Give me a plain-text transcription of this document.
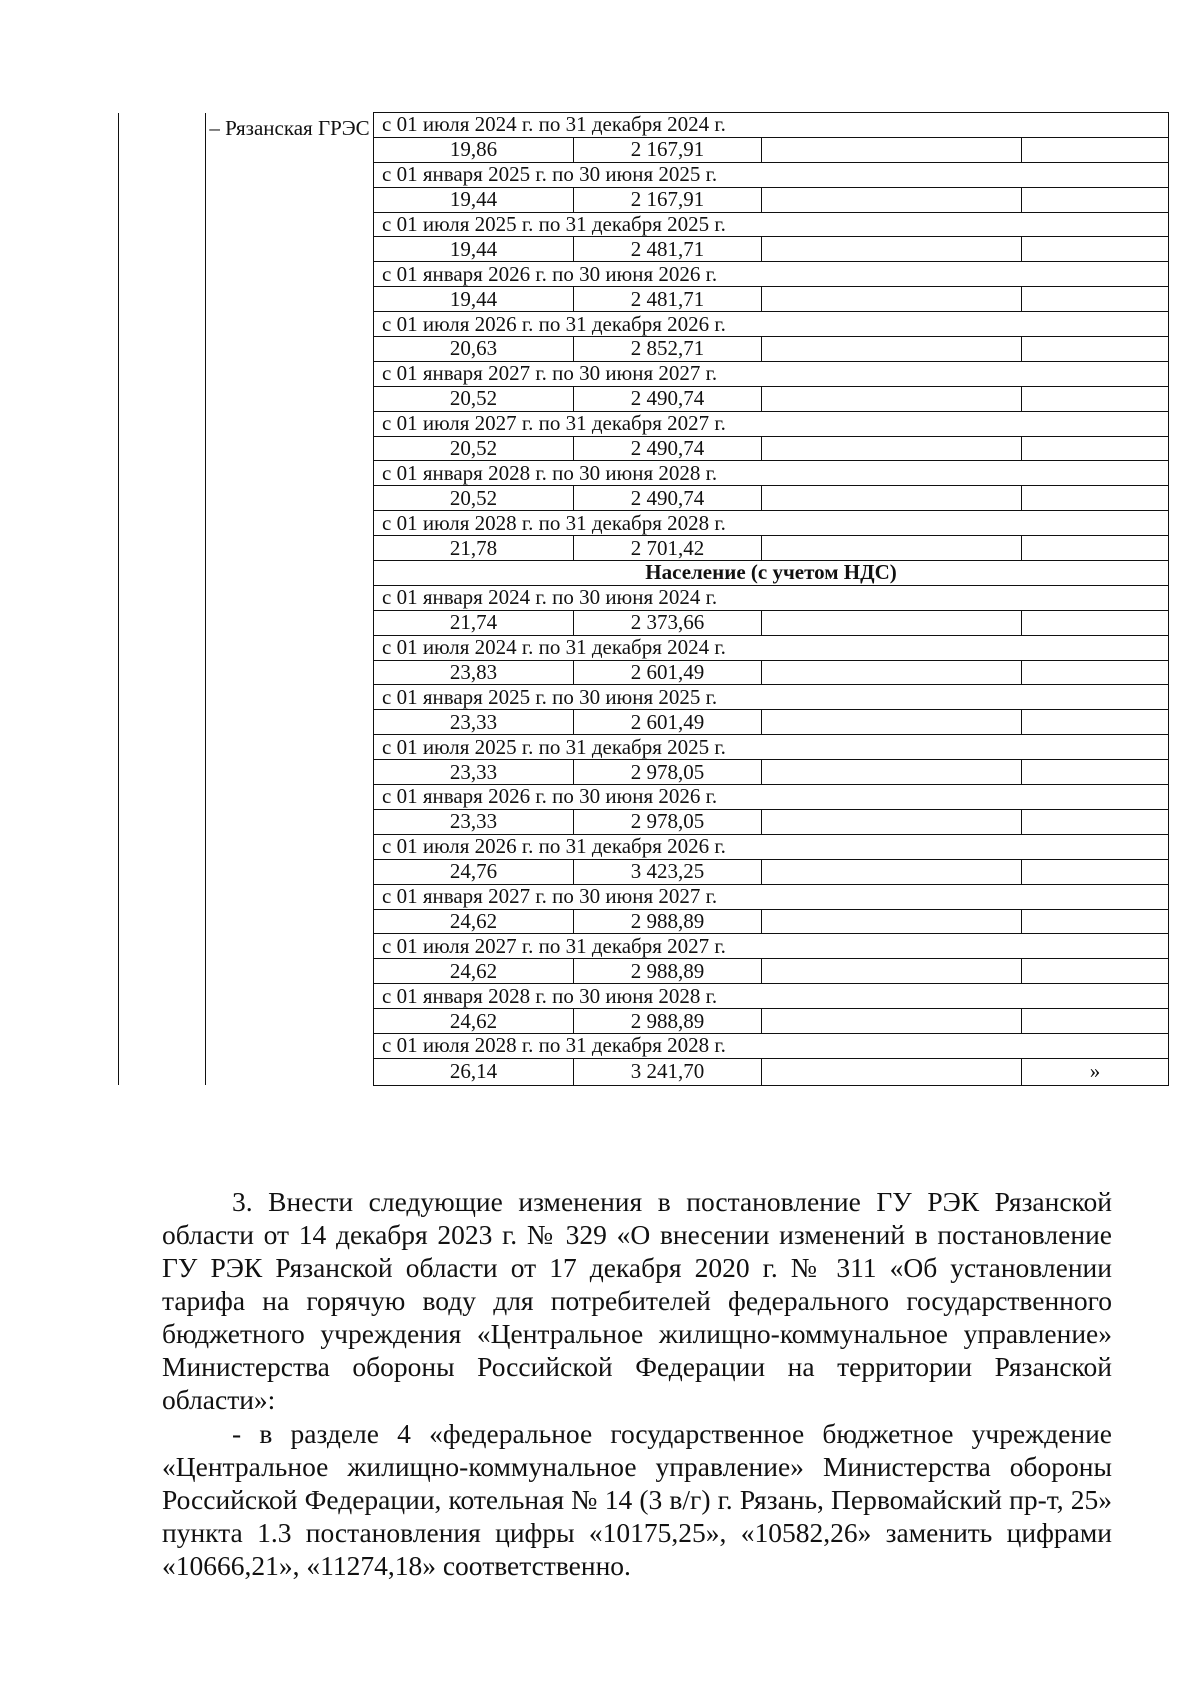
	– Рязанская ГРЭС	с 01 июля 2024 г. по 31 декабря 2024 г.			
		19,86	2 167,91		
		с 01 января 2025 г. по 30 июня 2025 г.			
		19,44	2 167,91		
		с 01 июля 2025 г. по 31 декабря 2025 г.			
		19,44	2 481,71		
		с 01 января 2026 г. по 30 июня 2026 г.			
		19,44	2 481,71		
		с 01 июля 2026 г. по 31 декабря 2026 г.			
		20,63	2 852,71		
		с 01 января 2027 г. по 30 июня 2027 г.			
		20,52	2 490,74		
		с 01 июля 2027 г. по 31 декабря 2027 г.			
		20,52	2 490,74		
		с 01 января 2028 г. по 30 июня 2028 г.			
		20,52	2 490,74		
		с 01 июля 2028 г. по 31 декабря 2028 г.			
		21,78	2 701,42		
		Население (с учетом НДС)			
		с 01 января 2024 г. по 30 июня 2024 г.			
		21,74	2 373,66		
		с 01 июля 2024 г. по 31 декабря 2024 г.			
		23,83	2 601,49		
		с 01 января 2025 г. по 30 июня 2025 г.			
		23,33	2 601,49		
		с 01 июля 2025 г. по 31 декабря 2025 г.			
		23,33	2 978,05		
		с 01 января 2026 г. по 30 июня 2026 г.			
		23,33	2 978,05		
		с 01 июля 2026 г. по 31 декабря 2026 г.			
		24,76	3 423,25		
		с 01 января 2027 г. по 30 июня 2027 г.			
		24,62	2 988,89		
		с 01 июля 2027 г. по 31 декабря 2027 г.			
		24,62	2 988,89		
		с 01 января 2028 г. по 30 июня 2028 г.			
		24,62	2 988,89		
		с 01 июля 2028 г. по 31 декабря 2028 г.			
		26,14	3 241,70		»

3. Внести следующие изменения в постановление ГУ РЭК Рязанской области от 14 декабря 2023 г. № 329 «О внесении изменений в постановление ГУ РЭК Рязанской области от 17 декабря 2020 г. № 311 «Об установлении тарифа на горячую воду для потребителей федерального государственного бюджетного учреждения «Центральное жилищно-коммунальное управление» Министерства обороны Российской Федерации на территории Рязанской области»:

- в разделе 4 «федеральное государственное бюджетное учреждение «Центральное жилищно-коммунальное управление» Министерства обороны Российской Федерации, котельная № 14 (3 в/г) г. Рязань, Первомайский пр-т, 25» пункта 1.3 постановления цифры «10175,25», «10582,26» заменить цифрами «10666,21», «11274,18» соответственно.
